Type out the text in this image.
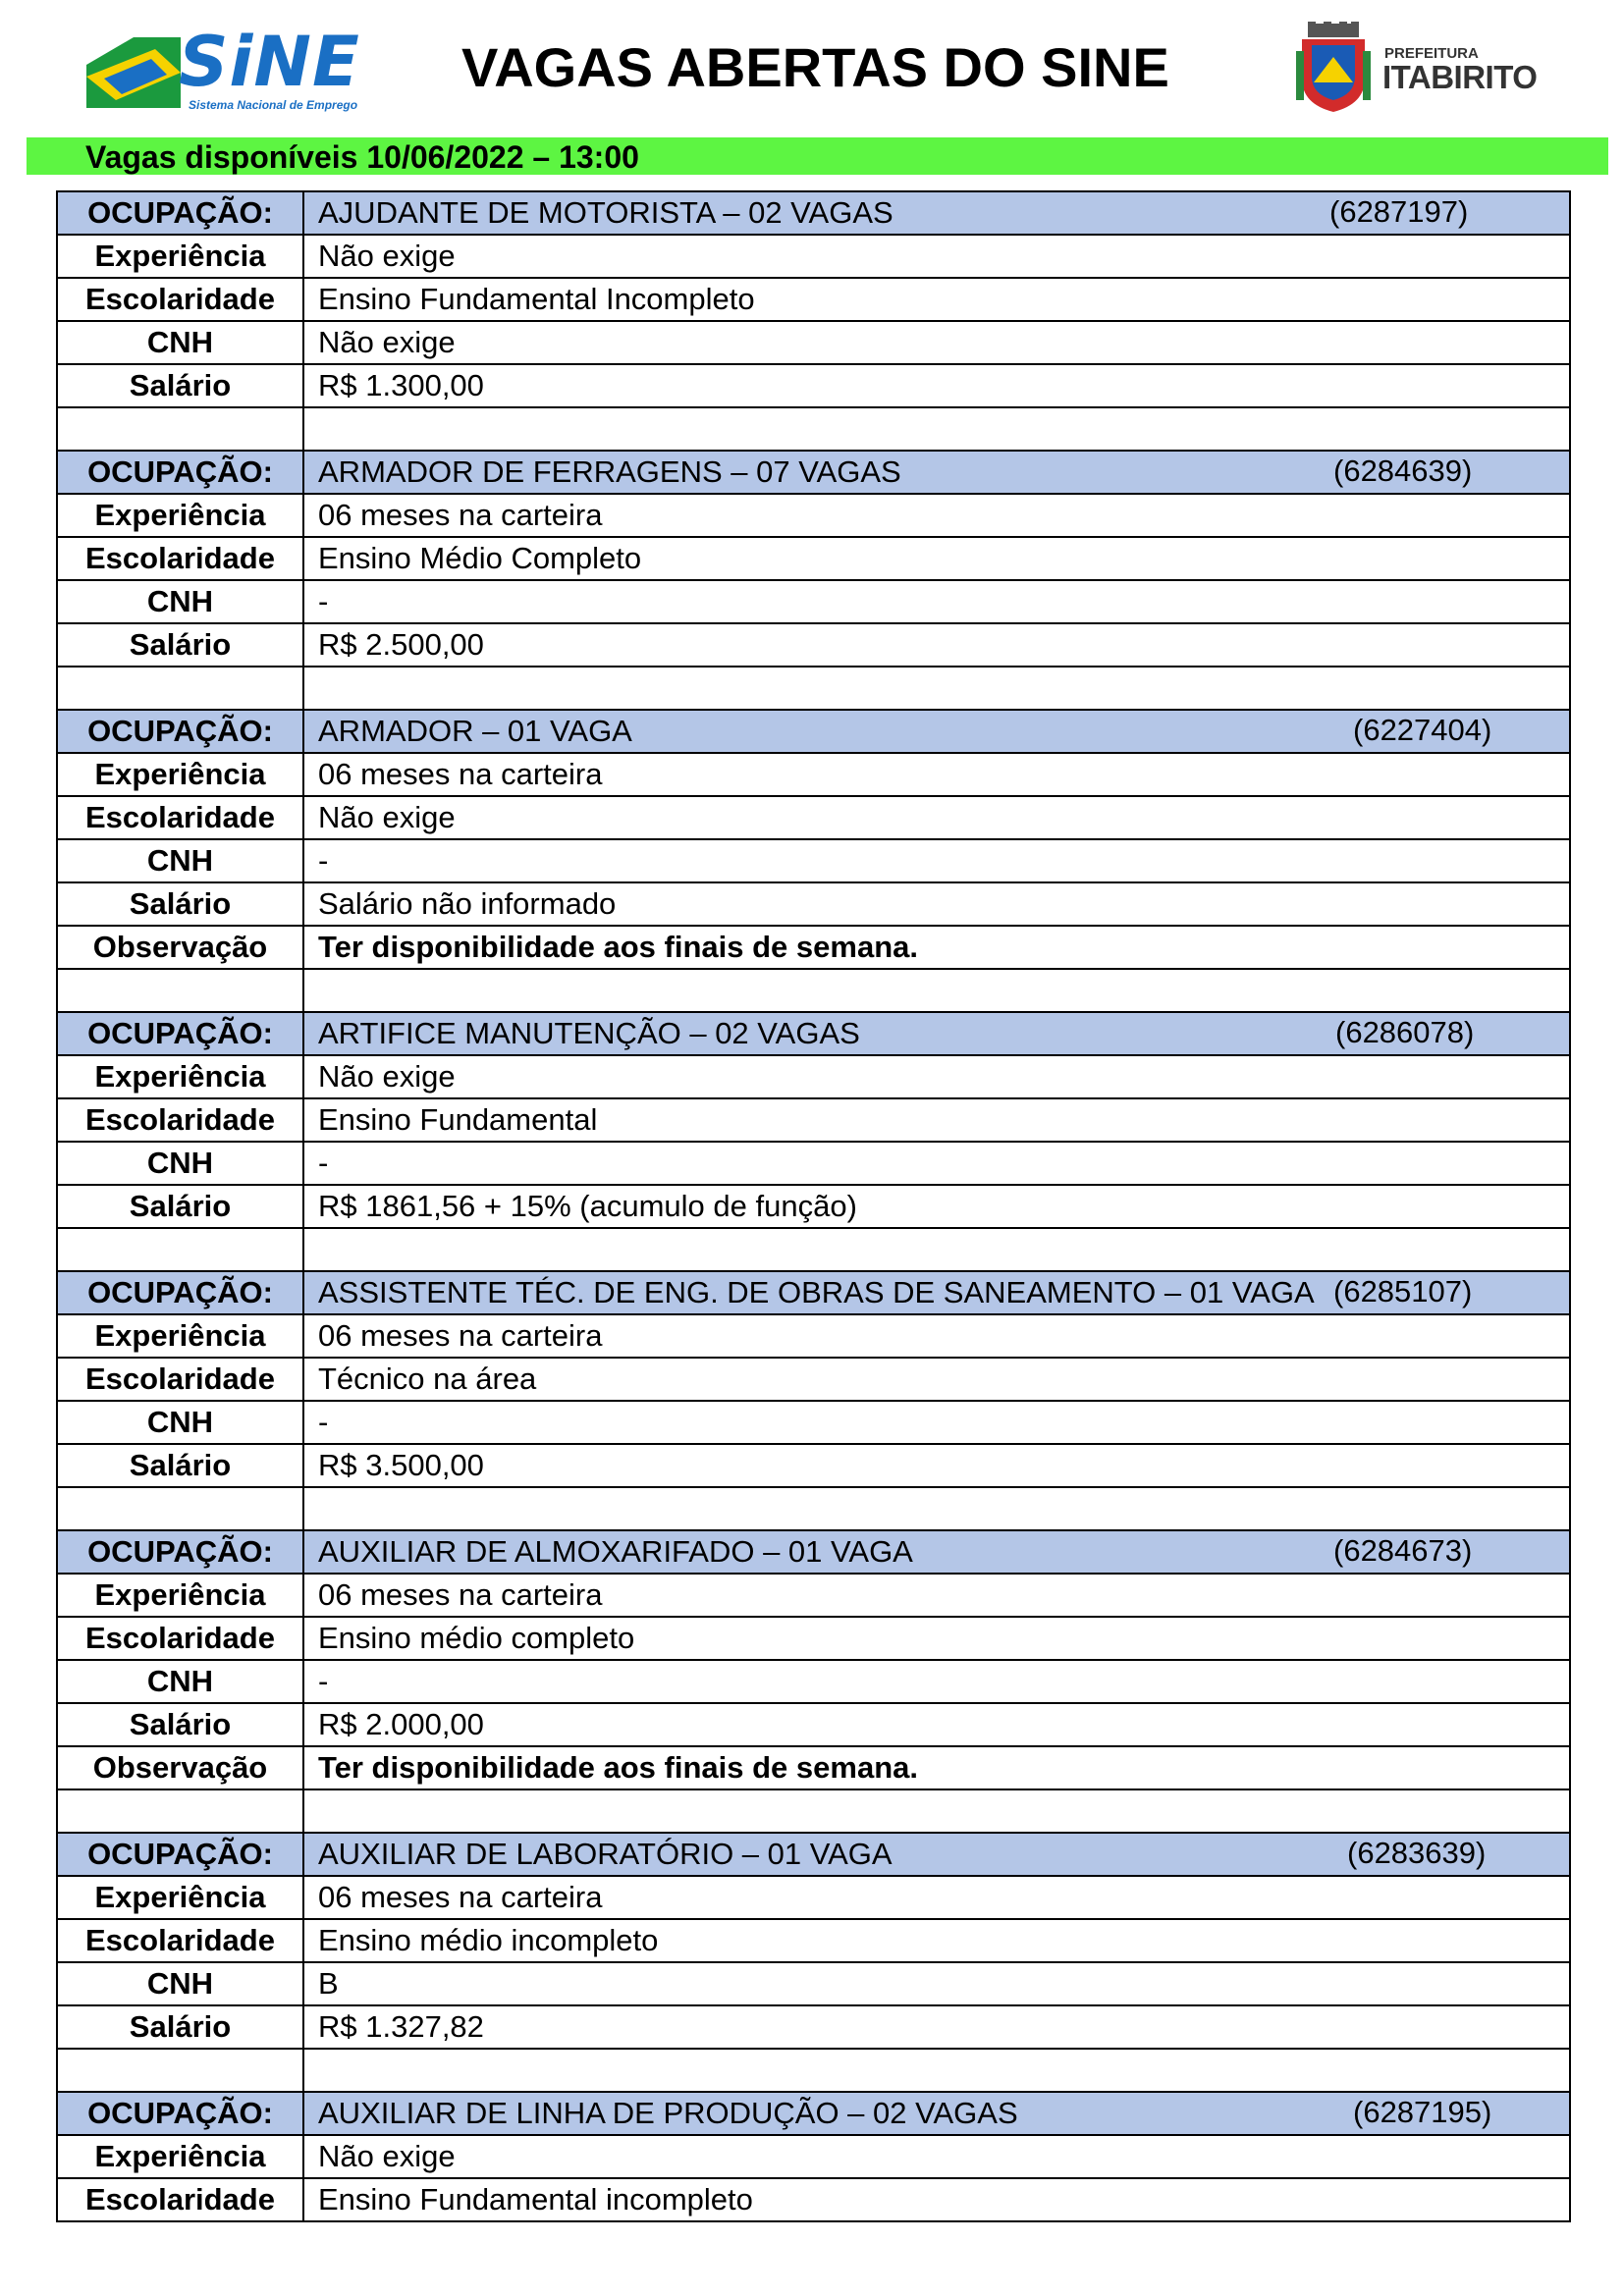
SiNE
Sistema Nacional de Emprego
VAGAS ABERTAS DO SINE	PREFEITURA
ITABIRITO
Vagas disponíveis 10/06/2022 – 13:00
OCUPAÇÃO:	AJUDANTE DE MOTORISTA – 02 VAGAS (6287197)

Experiência	Não exige
Escolaridade	Ensino Fundamental Incompleto
CNH	Não exige
Salário	R$ 1.300,00

OCUPAÇÃO:	ARMADOR DE FERRAGENS – 07 VAGAS (6284639)

Experiência	06 meses na carteira
Escolaridade	Ensino Médio Completo
CNH	-
Salário	R$ 2.500,00

OCUPAÇÃO:	ARMADOR – 01 VAGA (6227404)

Experiência	06 meses na carteira
Escolaridade	Não exige
CNH	-
Salário	Salário não informado
Observação	Ter disponibilidade aos finais de semana.

OCUPAÇÃO:	ARTIFICE MANUTENÇÃO – 02 VAGAS (6286078)

Experiência	Não exige
Escolaridade	Ensino Fundamental
CNH	-
Salário	R$ 1861,56 + 15% (acumulo de função)

OCUPAÇÃO:	ASSISTENTE TÉC. DE ENG. DE OBRAS DE SANEAMENTO – 01 VAGA (6285107)

Experiência	06 meses na carteira
Escolaridade	Técnico na área
CNH	-
Salário	R$ 3.500,00

OCUPAÇÃO:	AUXILIAR DE ALMOXARIFADO – 01 VAGA (6284673)

Experiência	06 meses na carteira
Escolaridade	Ensino médio completo
CNH	-
Salário	R$ 2.000,00
Observação	Ter disponibilidade aos finais de semana.

OCUPAÇÃO:	AUXILIAR DE LABORATÓRIO – 01 VAGA (6283639)

Experiência	06 meses na carteira
Escolaridade	Ensino médio incompleto
CNH	B
Salário	R$ 1.327,82

OCUPAÇÃO:	AUXILIAR DE LINHA DE PRODUÇÃO – 02 VAGAS (6287195)

Experiência	Não exige
Escolaridade	Ensino Fundamental incompleto
